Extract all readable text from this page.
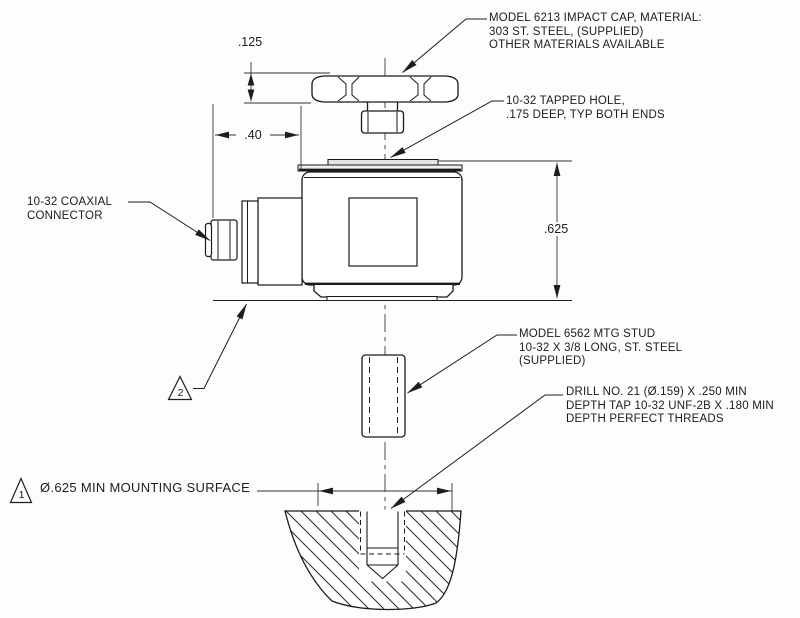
MODEL 6213 IMPACT CAP, MATERIAL:
303 ST. STEEL, (SUPPLIED)
OTHER MATERIALS AVAILABLE
10-32 TAPPED HOLE,
.175 DEEP, TYP BOTH ENDS
10-32 COAXIAL
CONNECTOR
MODEL 6562 MTG STUD
10-32 X 3/8 LONG, ST. STEEL
(SUPPLIED)
DRILL NO. 21 (Ø.159) X .250 MIN
DEPTH TAP 10-32 UNF-2B X .180 MIN
DEPTH PERFECT THREADS
Ø.625 MIN MOUNTING SURFACE
.125
.40
.625
1
2
